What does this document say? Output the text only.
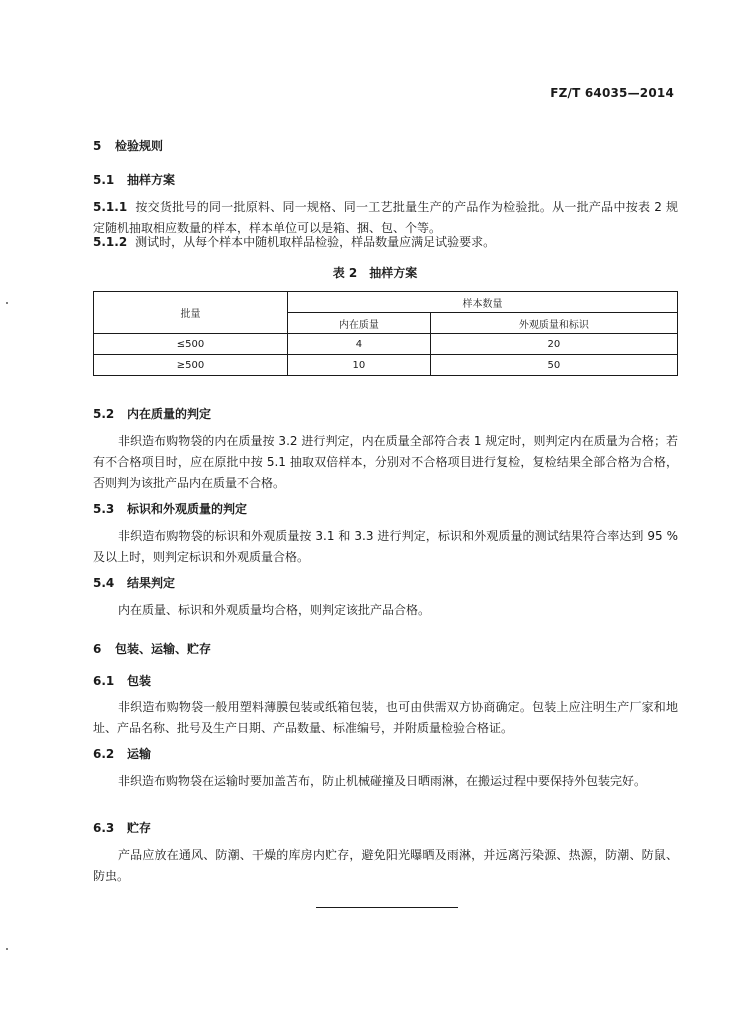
FZ/T 64035—2014
5 检验规则
5.1 抽样方案
5.1.1 按交货批号的同一批原料、同一规格、同一工艺批量生产的产品作为检验批。从一批产品中按表 2 规定随机抽取相应数量的样本，样本单位可以是箱、捆、包、个等。
5.1.2 测试时，从每个样本中随机取样品检验，样品数量应满足试验要求。
表 2　抽样方案
批量	样本数量	
	内在质量	外观质量和标识
≤500	4	20
≥500	10	50
5.2 内在质量的判定
非织造布购物袋的内在质量按 3.2 进行判定，内在质量全部符合表 1 规定时，则判定内在质量为合格；若有不合格项目时，应在原批中按 5.1 抽取双倍样本，分别对不合格项目进行复检，复检结果全部合格为合格，否则判为该批产品内在质量不合格。
5.3 标识和外观质量的判定
非织造布购物袋的标识和外观质量按 3.1 和 3.3 进行判定，标识和外观质量的测试结果符合率达到 95 % 及以上时，则判定标识和外观质量合格。
5.4 结果判定
内在质量、标识和外观质量均合格，则判定该批产品合格。
6 包装、运输、贮存
6.1 包装
非织造布购物袋一般用塑料薄膜包装或纸箱包装，也可由供需双方协商确定。包装上应注明生产厂家和地址、产品名称、批号及生产日期、产品数量、标准编号，并附质量检验合格证。
6.2 运输
非织造布购物袋在运输时要加盖苫布，防止机械碰撞及日晒雨淋，在搬运过程中要保持外包装完好。
6.3 贮存
产品应放在通风、防潮、干燥的库房内贮存，避免阳光曝晒及雨淋，并远离污染源、热源，防潮、防鼠、防虫。
